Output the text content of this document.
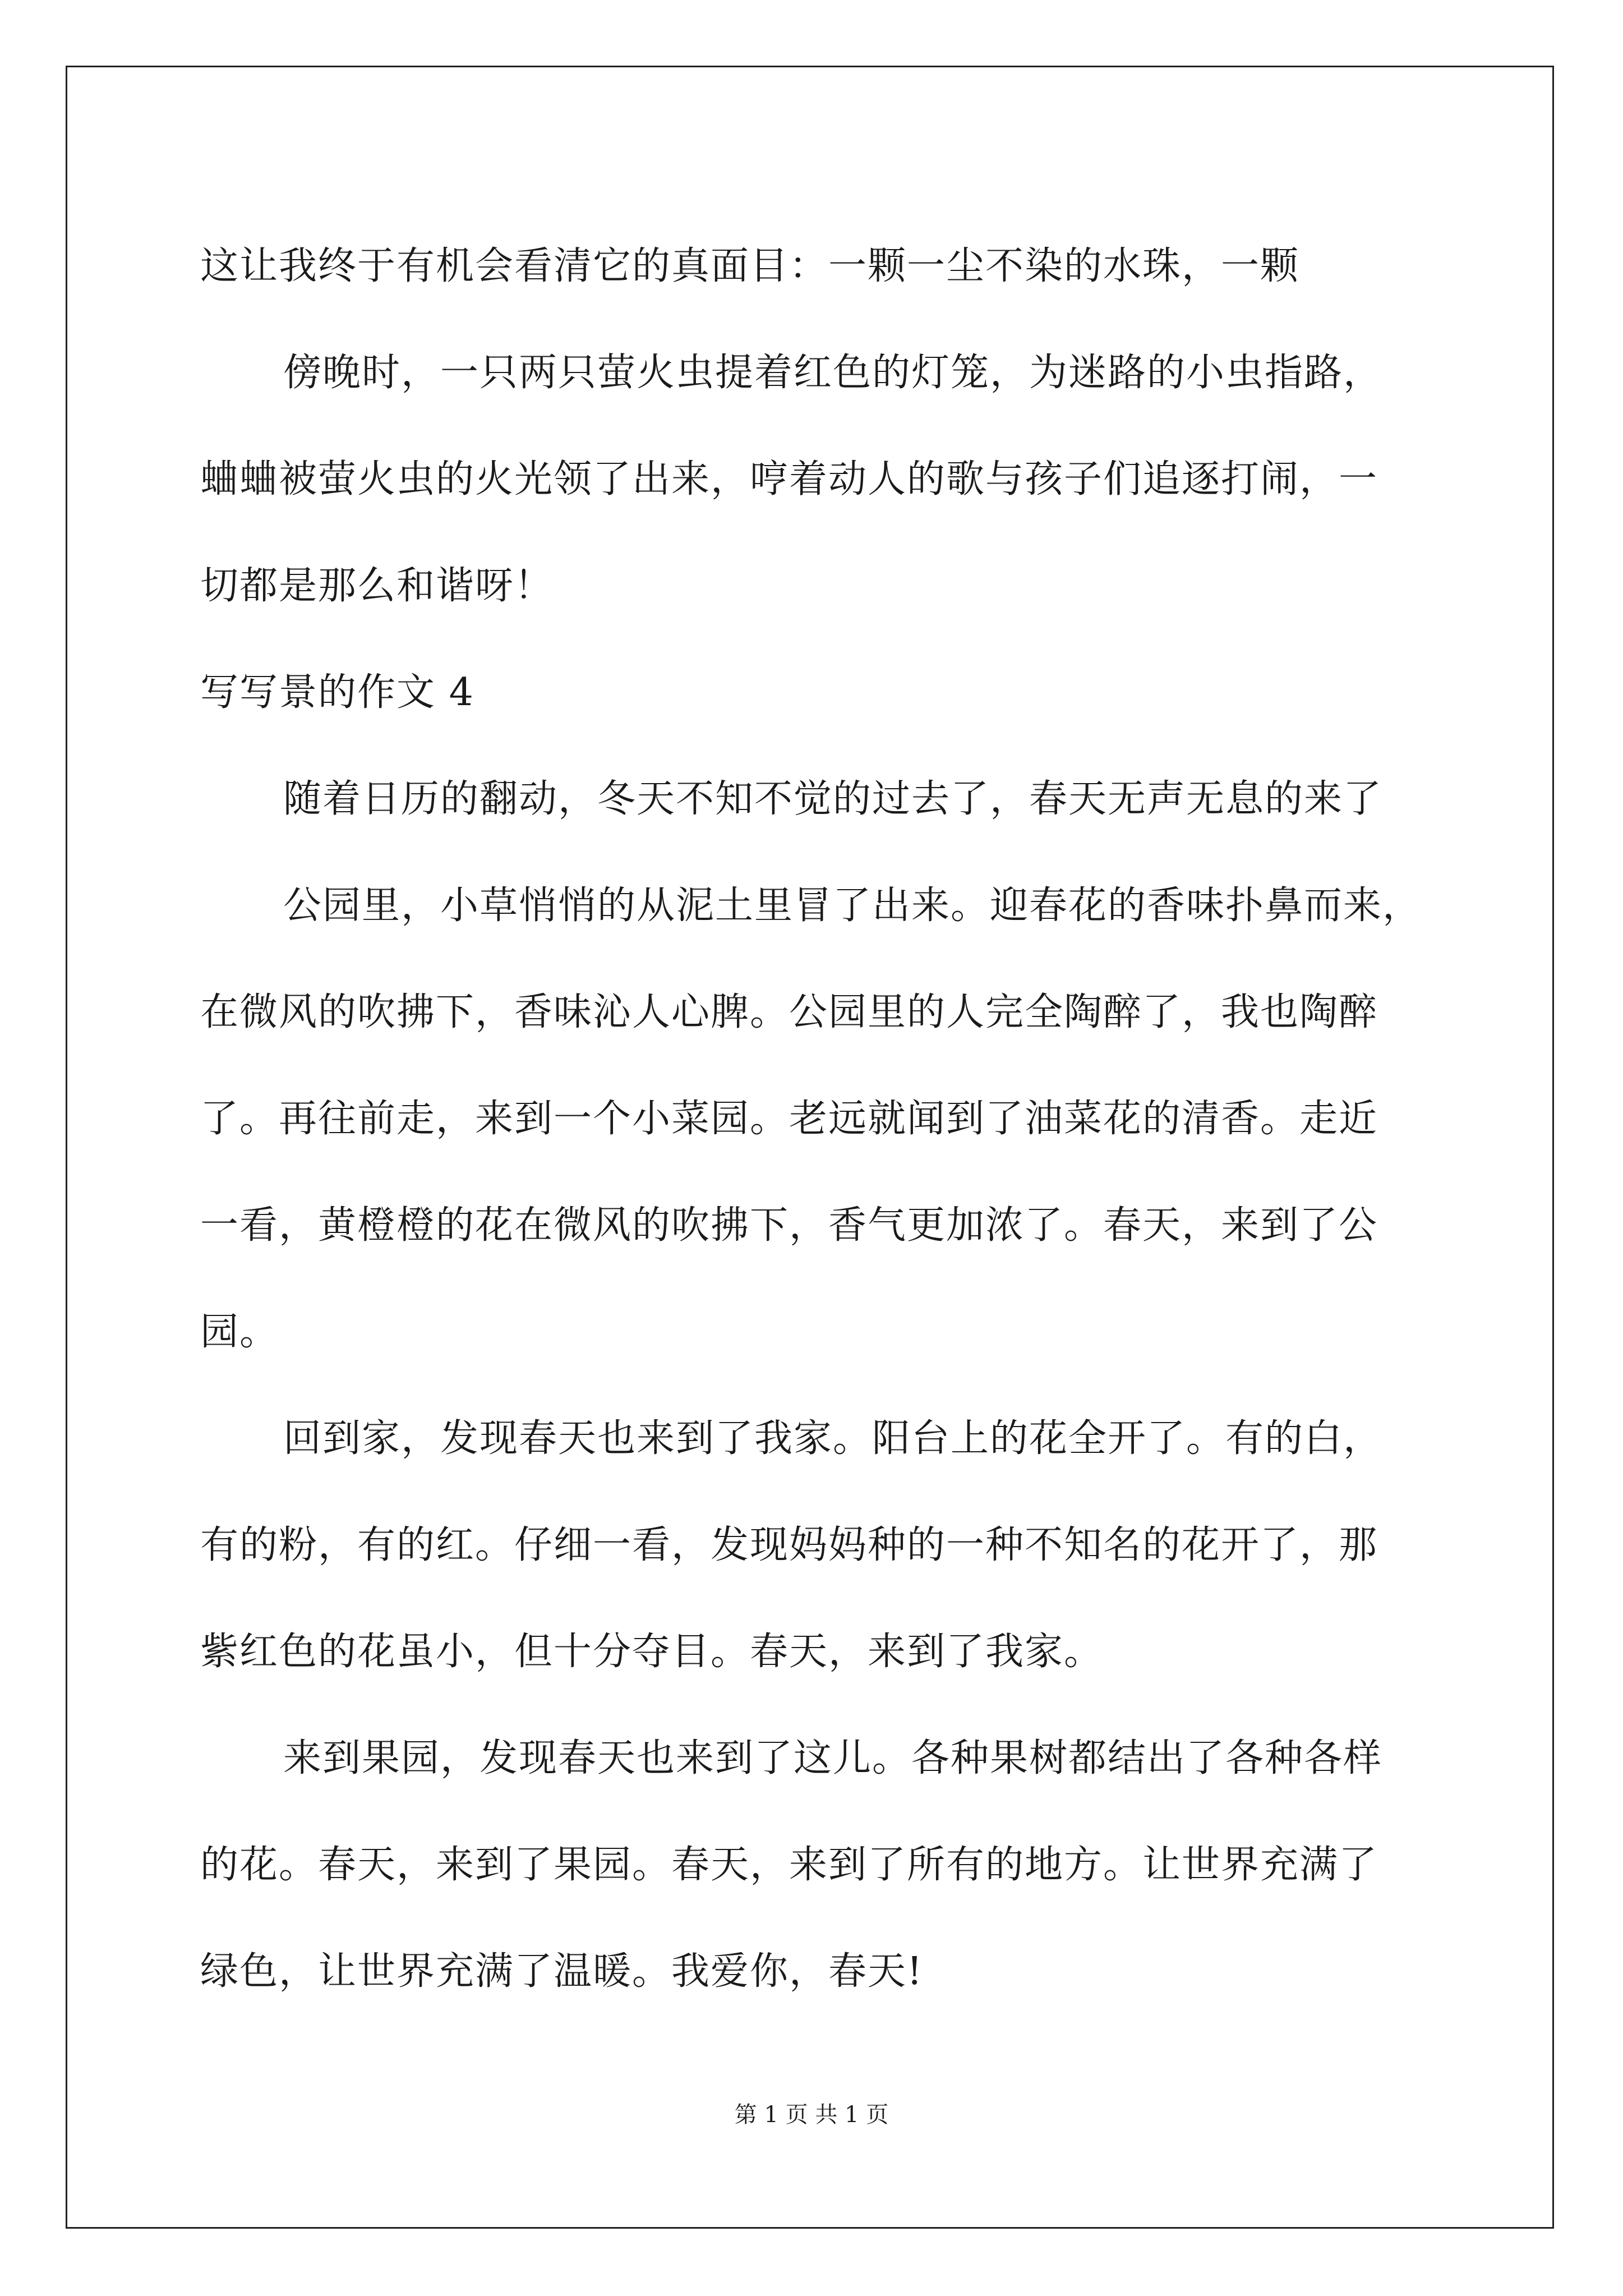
这让我终于有机会看清它的真面目：一颗一尘不染的水珠，一颗
傍晚时，一只两只萤火虫提着红色的灯笼，为迷路的小虫指路，
蛐蛐被萤火虫的火光领了出来，哼着动人的歌与孩子们追逐打闹，一
切都是那么和谐呀！
写写景的作文 4
随着日历的翻动，冬天不知不觉的过去了，春天无声无息的来了
公园里，小草悄悄的从泥土里冒了出来。迎春花的香味扑鼻而来，
在微风的吹拂下，香味沁人心脾。公园里的人完全陶醉了，我也陶醉
了。再往前走，来到一个小菜园。老远就闻到了油菜花的清香。走近
一看，黄橙橙的花在微风的吹拂下，香气更加浓了。春天，来到了公
园。
回到家，发现春天也来到了我家。阳台上的花全开了。有的白，
有的粉，有的红。仔细一看，发现妈妈种的一种不知名的花开了，那
紫红色的花虽小，但十分夺目。春天，来到了我家。
来到果园，发现春天也来到了这儿。各种果树都结出了各种各样
的花。春天，来到了果园。春天，来到了所有的地方。让世界充满了
绿色，让世界充满了温暖。我爱你，春天!
第 1 页 共 1 页
